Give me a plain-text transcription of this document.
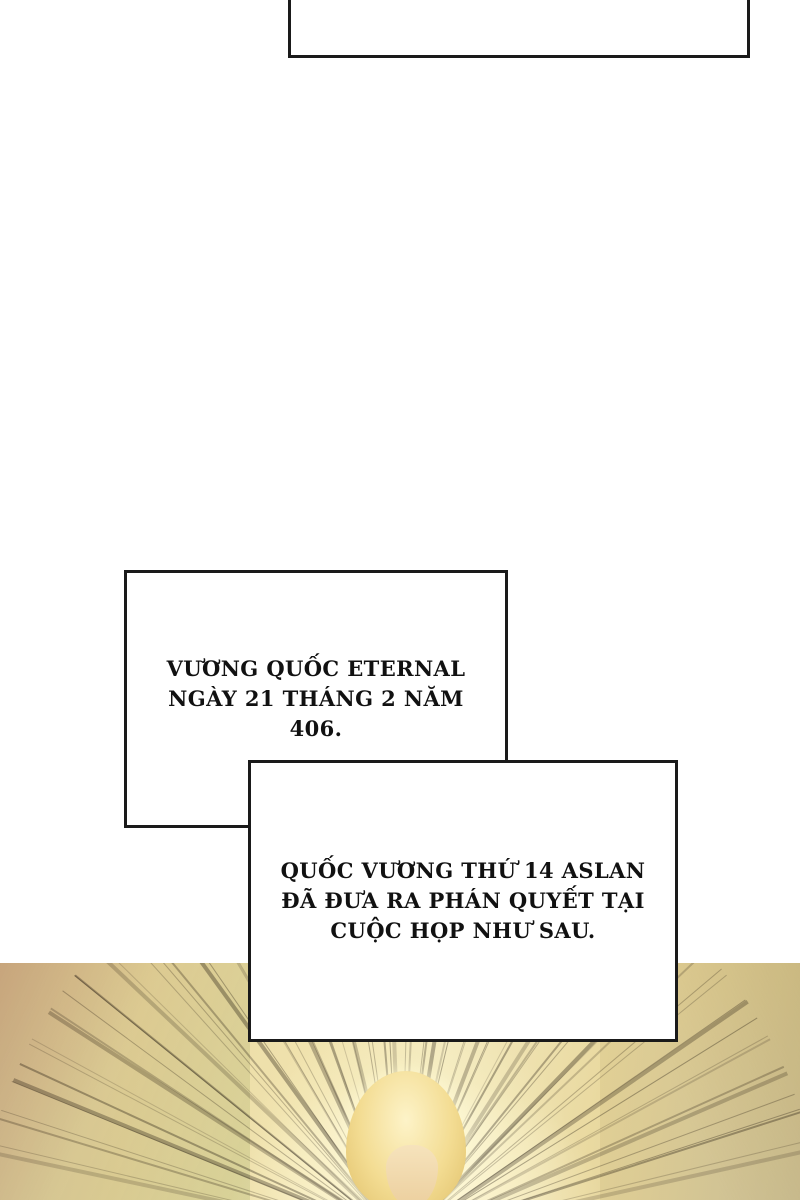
VƯƠNG QUỐC ETERNAL NGÀY 21 THÁNG 2 NĂM 406.

QUỐC VƯƠNG THỨ 14 ASLAN ĐÃ ĐƯA RA PHÁN QUYẾT TẠI CUỘC HỌP NHƯ SAU.
